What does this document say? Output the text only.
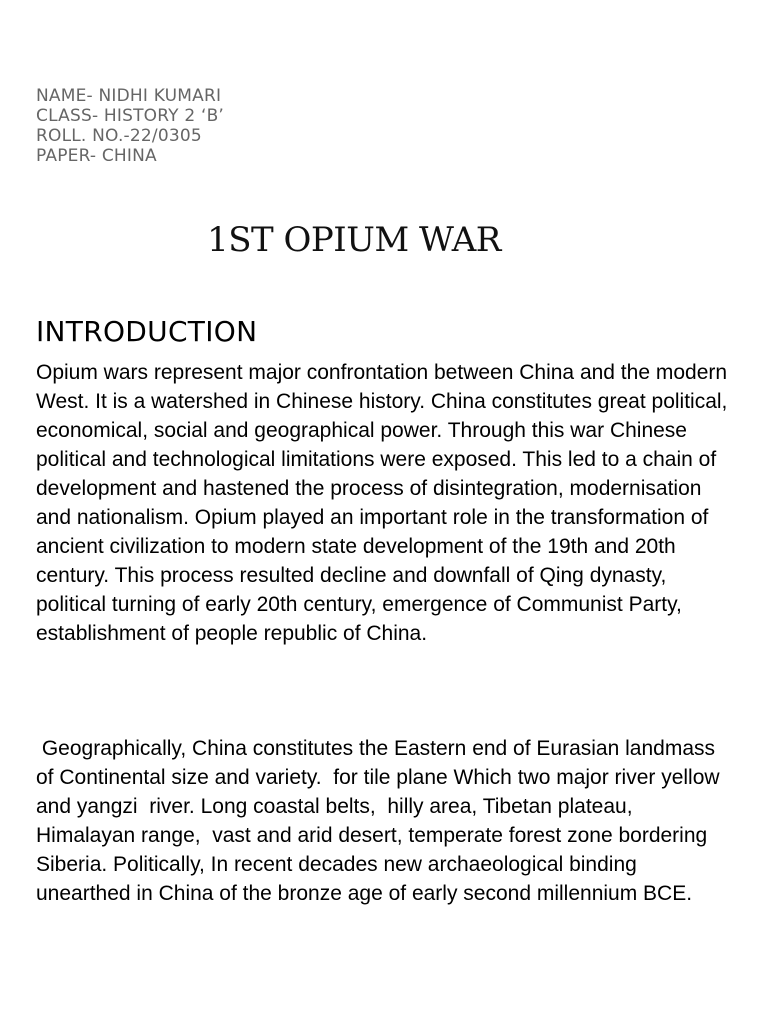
NAME- NIDHI KUMARI
CLASS- HISTORY 2 ‘B’
ROLL. NO.-22/0305
PAPER- CHINA
1ST OPIUM WAR
INTRODUCTION
Opium wars represent major confrontation between China and the modern West. It is a watershed in Chinese history. China constitutes great political, economical, social and geographical power. Through this war Chinese political and technological limitations were exposed. This led to a chain of development and hastened the process of disintegration, modernisation and nationalism. Opium played an important role in the transformation of ancient civilization to modern state development of the 19th and 20th century. This process resulted decline and downfall of Qing dynasty, political turning of early 20th century, emergence of Communist Party, establishment of people republic of China.
Geographically, China constitutes the Eastern end of Eurasian landmass of Continental size and variety.  for tile plane Which two major river yellow and yangzi  river. Long coastal belts,  hilly area, Tibetan plateau,  Himalayan range,  vast and arid desert, temperate forest zone bordering  Siberia. Politically, In recent decades new archaeological binding unearthed in China of the bronze age of early second millennium BCE.
